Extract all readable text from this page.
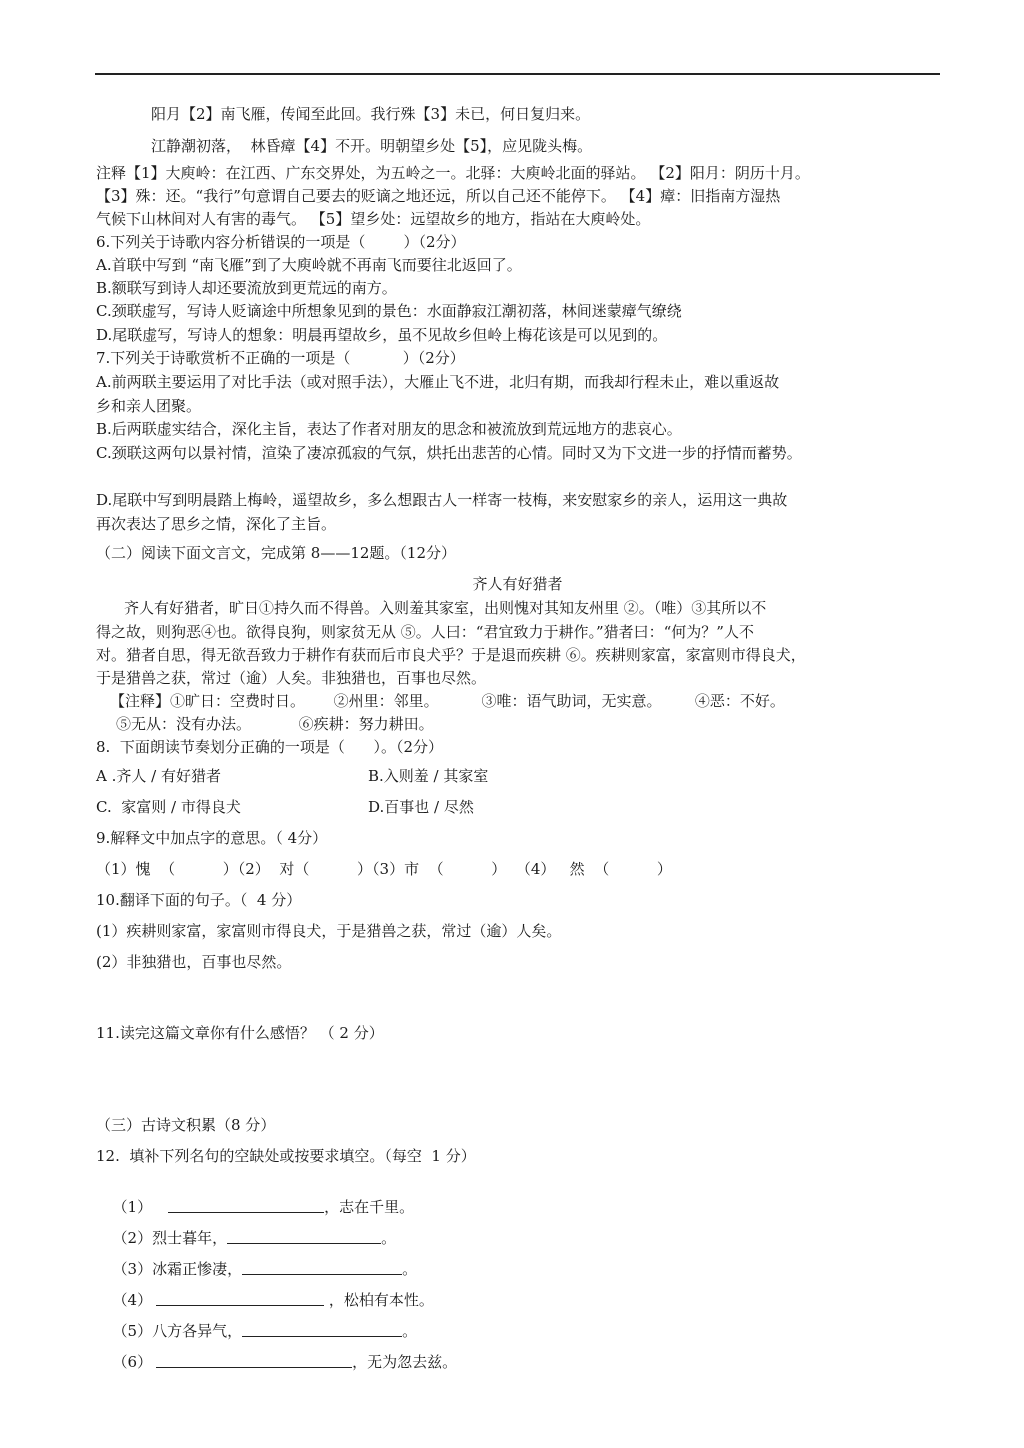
阳月【2】南飞雁，传闻至此回。我行殊【3】未已，何日复归来。
江静潮初落，  林昏瘴【4】不开。明朝望乡处【5】，应见陇头梅。
注释【1】大庾岭：在江西、广东交界处，为五岭之一。北驿：大庾岭北面的驿站。 【2】阳月：阴历十月。
【3】殊：还。“我行”句意谓自己要去的贬谪之地还远，所以自己还不能停下。 【4】瘴：旧指南方湿热
气候下山林间对人有害的毒气。 【5】望乡处：远望故乡的地方，指站在大庾岭处。
6.下列关于诗歌内容分析错误的一项是（        ）（2分）
A.首联中写到 “南飞雁”到了大庾岭就不再南飞而要往北返回了。
B.额联写到诗人却还要流放到更荒远的南方。
C.颈联虚写，写诗人贬谪途中所想象见到的景色：水面静寂江潮初落，林间迷蒙瘴气缭绕
D.尾联虚写，写诗人的想象：明晨再望故乡，虽不见故乡但岭上梅花该是可以见到的。
7.下列关于诗歌赏析不正确的一项是（           ）（2分）
A.前两联主要运用了对比手法（或对照手法），大雁止飞不进，北归有期，而我却行程未止，难以重返故
乡和亲人团聚。
B.后两联虚实结合，深化主旨，表达了作者对朋友的思念和被流放到荒远地方的悲哀心。
C.颈联这两句以景衬情，渲染了凄凉孤寂的气氛，烘托出悲苦的心情。同时又为下文进一步的抒情而蓄势。
D.尾联中写到明晨踏上梅岭，遥望故乡，多么想跟古人一样寄一枝梅，来安慰家乡的亲人，运用这一典故
再次表达了思乡之情，深化了主旨。
（二）阅读下面文言文，完成第 8——12题。（12分）
齐人有好猎者
齐人有好猎者，旷日①持久而不得兽。入则羞其家室，出则愧对其知友州里 ②。（唯）③其所以不
得之故，则狗恶④也。欲得良狗，则家贫无从 ⑤。人曰：“君宜致力于耕作。”猎者曰：“何为？”人不
对。猎者自思，得无欲吾致力于耕作有获而后市良犬乎？于是退而疾耕 ⑥。疾耕则家富，家富则市得良犬，
于是猎兽之获，常过（逾）人矣。非独猎也，百事也尽然。
【注释】①旷日：空费时日。      ②州里：邻里。         ③唯：语气助词，无实意。       ④恶：不好。
⑤无从：没有办法。          ⑥疾耕：努力耕田。
8.  下面朗读节奏划分正确的一项是（      ）。（2分）
A .齐人 / 有好猎者	B.入则羞 / 其家室
C.  家富则 / 市得良犬	D.百事也 / 尽然
9.解释文中加点字的意思。（ 4分）
（1）愧  （          ）（2）  对（          ）（3）市  （          ）  （4）   然  （          ）
10.翻译下面的句子。（  4 分）
(1）疾耕则家富，家富则市得良犬，于是猎兽之获，常过（逾）人矣。
(2）非独猎也，百事也尽然。
11.读完这篇文章你有什么感悟？ （ 2 分）
（三）古诗文积累（8 分）
12.  填补下列名句的空缺处或按要求填空。（每空  1 分）

（1）	，志在千里。

（2）烈士暮年，	。

（3）冰霜正惨凄，	。

（4）	，松柏有本性。

（5）八方各异气，	。

（6）	，无为忽去兹。
